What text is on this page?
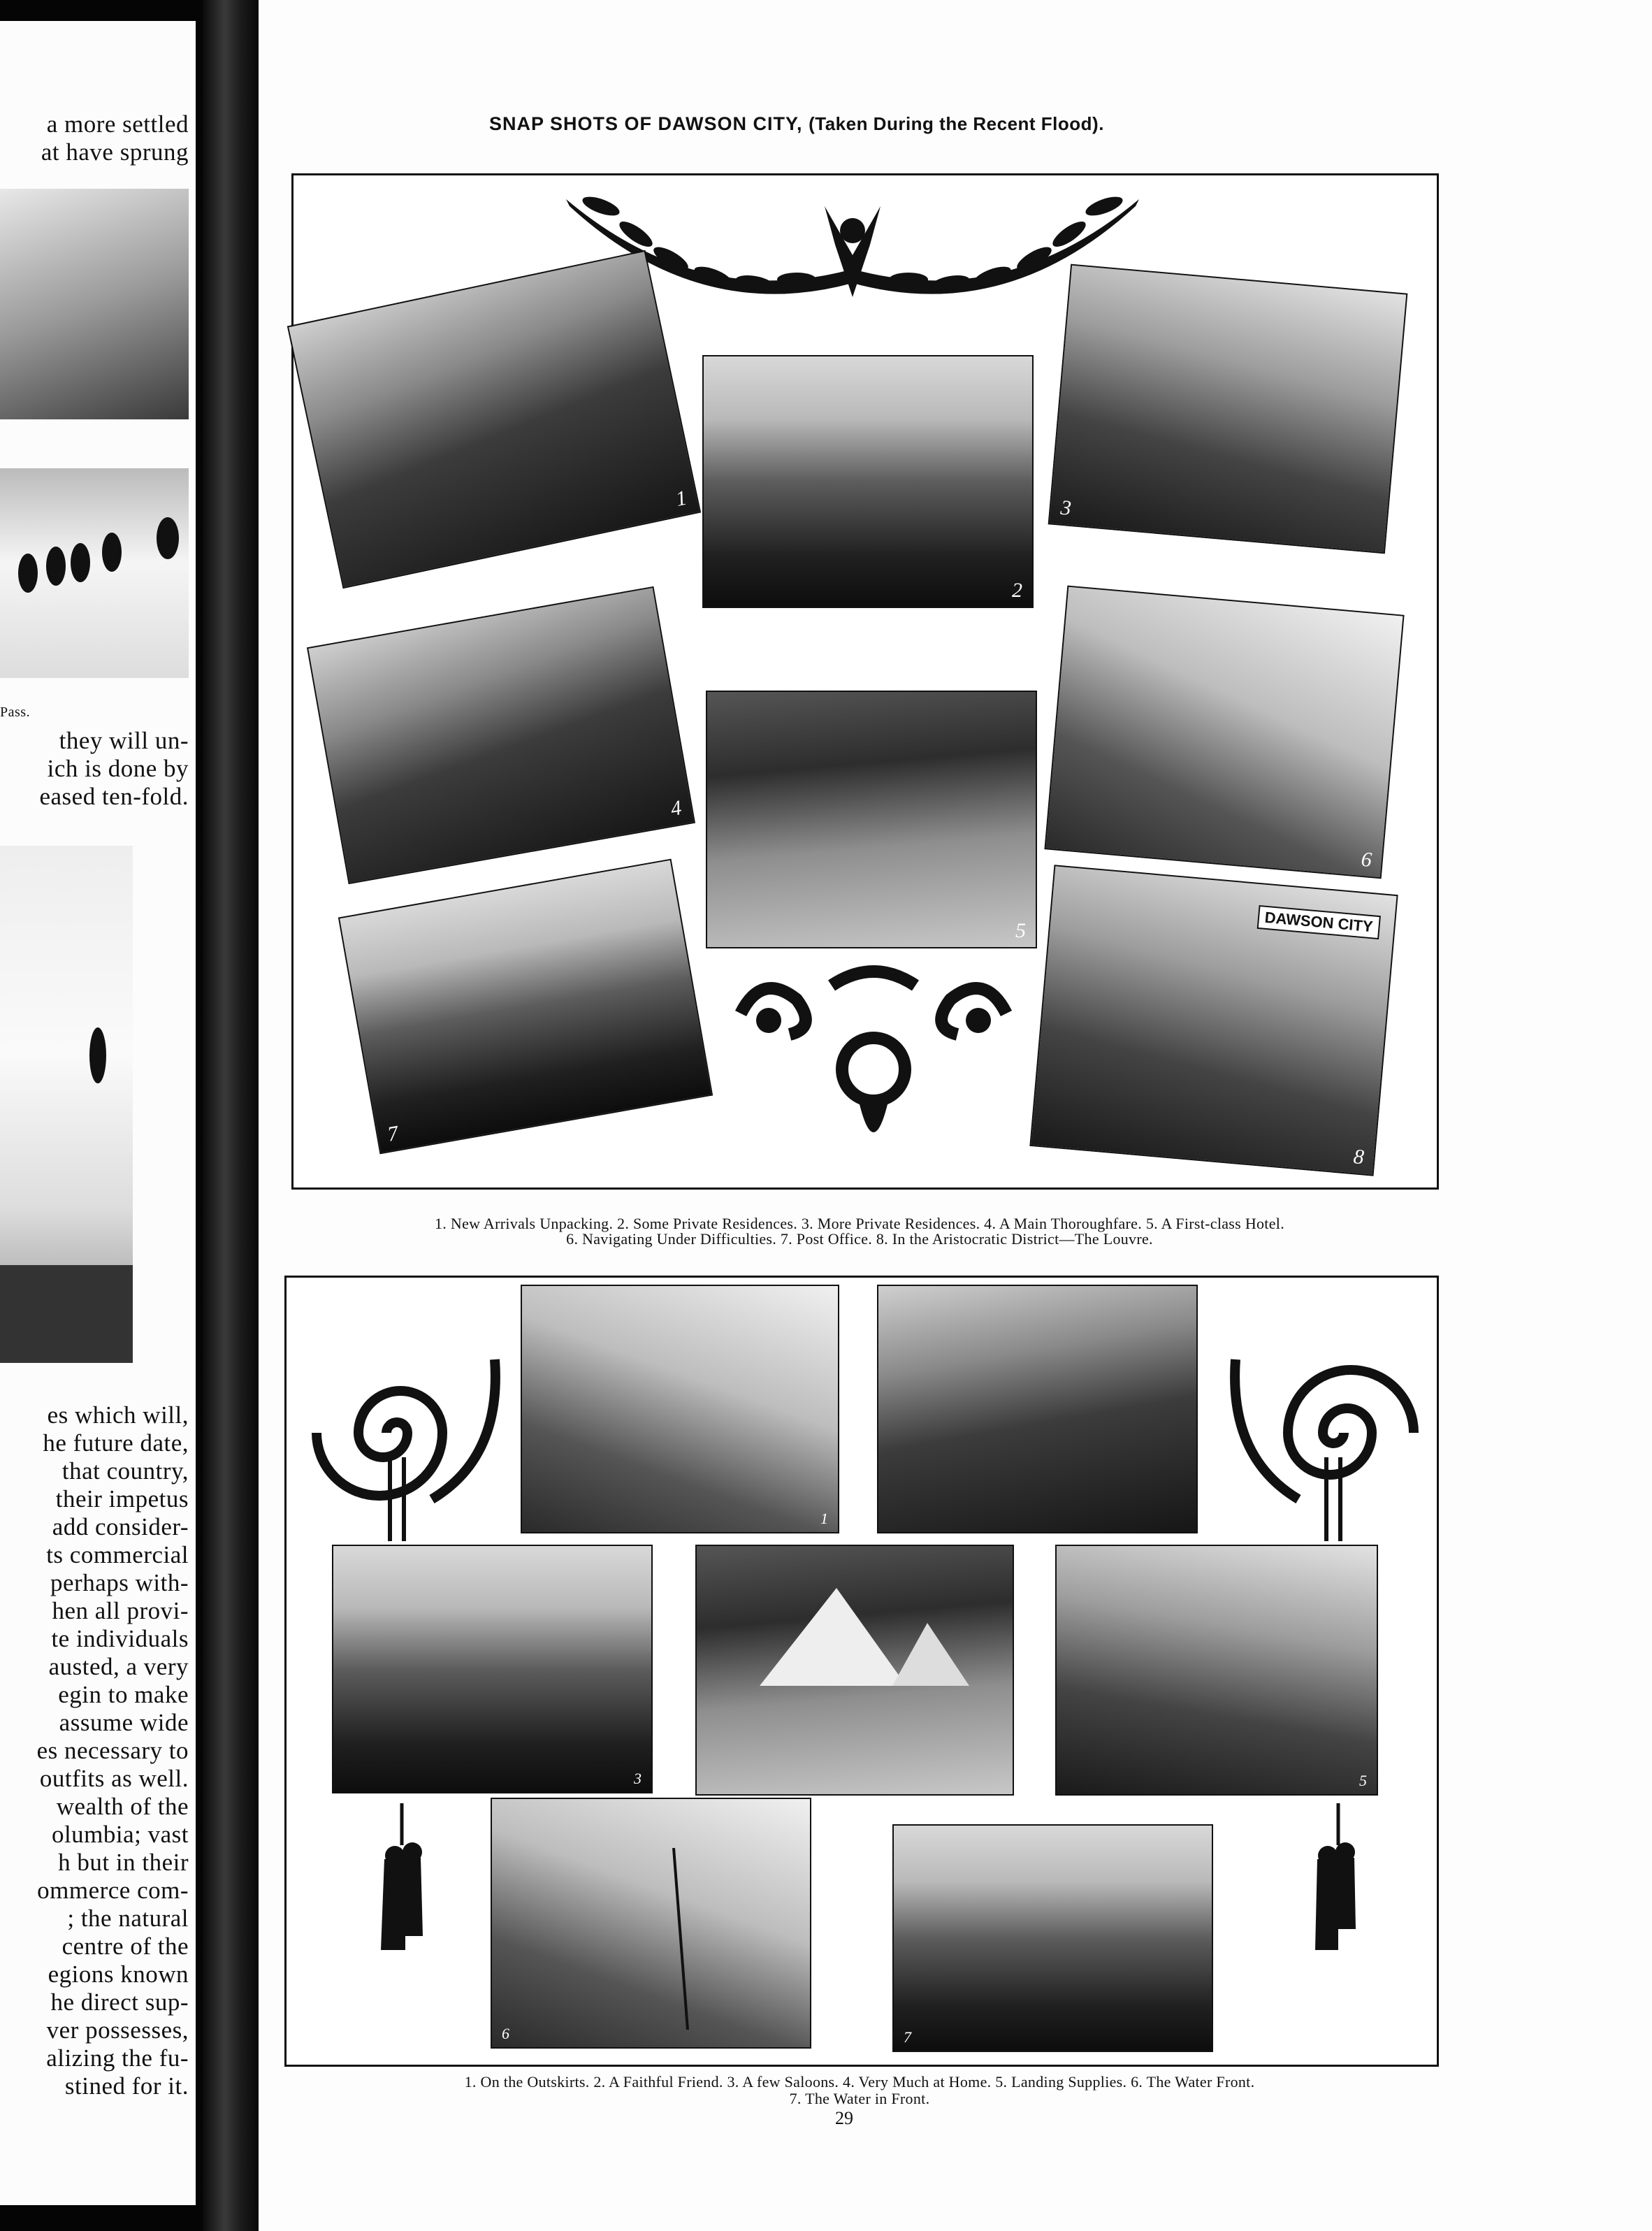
a more settled
at have sprung
Pass.
they will un-
ich is done by
eased ten-fold.
es which will,
he future date,
that country,
their impetus
add consider-
ts commercial
perhaps with-
hen all provi-
te individuals
austed, a very
egin to make
assume wide
es necessary to
outfits as well.
wealth of the
olumbia; vast
h but in their
ommerce com-
; the natural
centre of the
egions known
he direct sup-
ver possesses,
alizing the fu-
stined for it.
SNAP SHOTS OF DAWSON CITY, (Taken During the Recent Flood).
1
2
3
4
5
6
7
DAWSON CITY
8
1. New Arrivals Unpacking. 2. Some Private Residences. 3. More Private Residences. 4. A Main Thoroughfare. 5. A First-class Hotel.
6. Navigating Under Difficulties. 7. Post Office. 8. In the Aristocratic District—The Louvre.
1
3	5
6	7
1. On the Outskirts. 2. A Faithful Friend. 3. A few Saloons. 4. Very Much at Home. 5. Landing Supplies. 6. The Water Front.
7. The Water in Front.
29
